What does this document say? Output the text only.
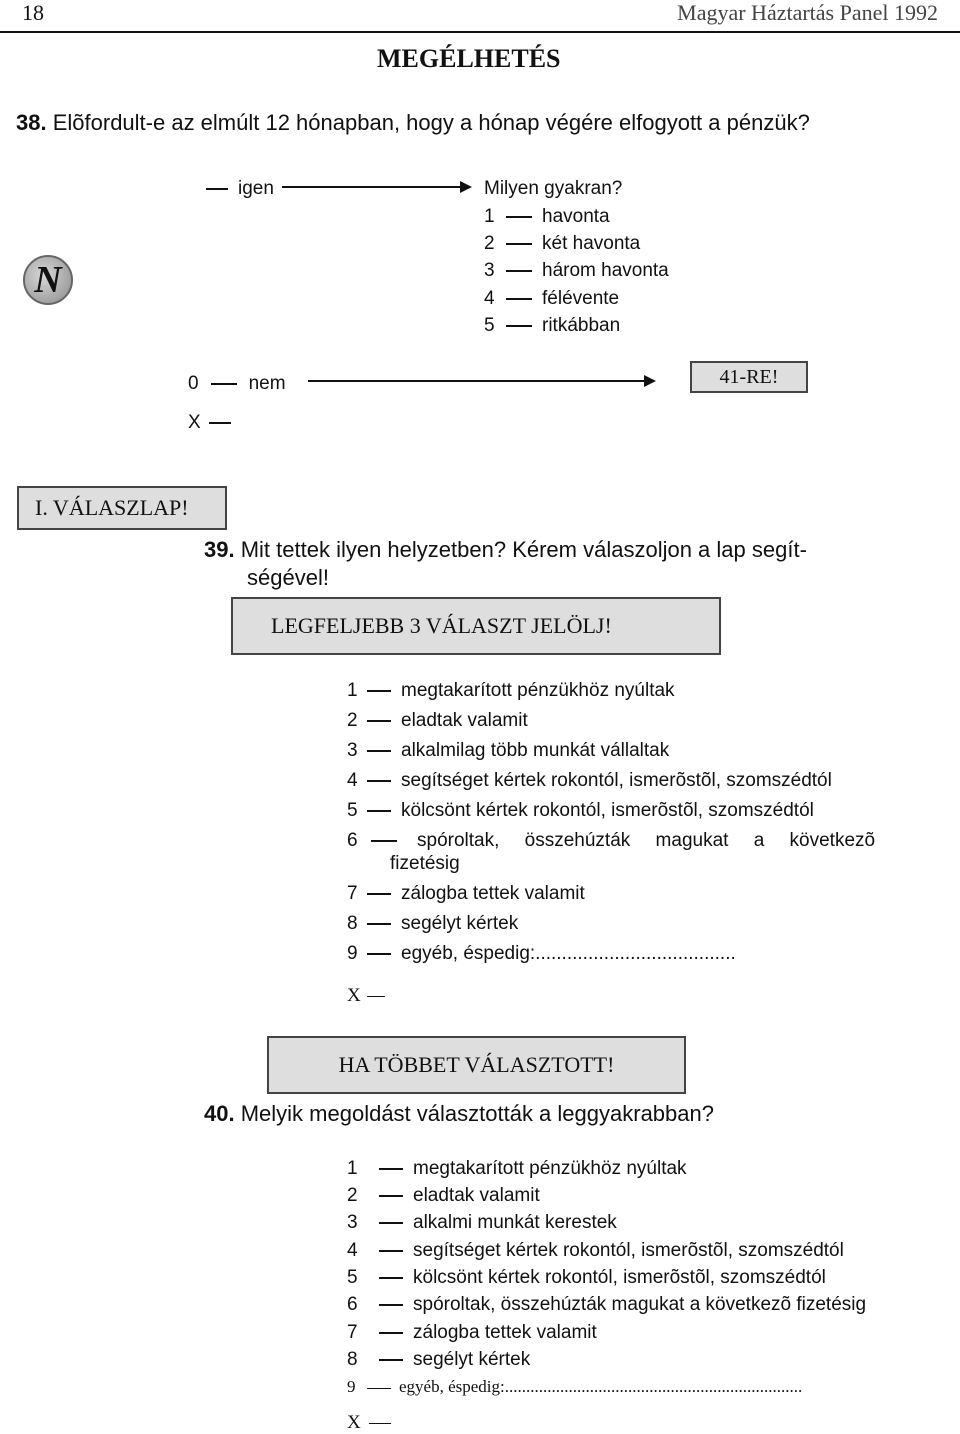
18	Magyar Háztartás Panel 1992
MEGÉLHETÉS
38. Elõfordult-e az elmúlt 12 hónapban, hogy a hónap végére elfogyott a pénzük?
igen	Milyen gyakran?
1 havonta
2 két havonta
3 három havonta
4 félévente
5 ritkábban
N
0	nem	41-RE!
X
I. VÁLASZLAP!
39. Mit tettek ilyen helyzetben? Kérem válaszoljon a lap segít-
ségével!
LEGFELJEBB 3 VÁLASZT JELÖLJ!
1 megtakarított pénzükhöz nyúltak
2 eladtak valamit
3 alkalmilag több munkát vállaltak
4 segítséget kértek rokontól, ismerõstõl, szomszédtól
5 kölcsönt kértek rokontól, ismerõstõl, szomszédtól
6	spóroltak, összehúzták magukat a következõ
fizetésig
7 zálogba tettek valamit
8 segélyt kértek
9 egyéb, éspedig:......................................
X
HA TÖBBET VÁLASZTOTT!
40. Melyik megoldást választották a leggyakrabban?
1	megtakarított pénzükhöz nyúltak
2	eladtak valamit
3	alkalmi munkát kerestek
4	segítséget kértek rokontól, ismerõstõl, szomszédtól
5	kölcsönt kértek rokontól, ismerõstõl, szomszédtól
6	spóroltak, összehúzták magukat a következõ fizetésig
7	zálogba tettek valamit
8	segélyt kértek
9	egyéb, éspedig:......................................................................
X
